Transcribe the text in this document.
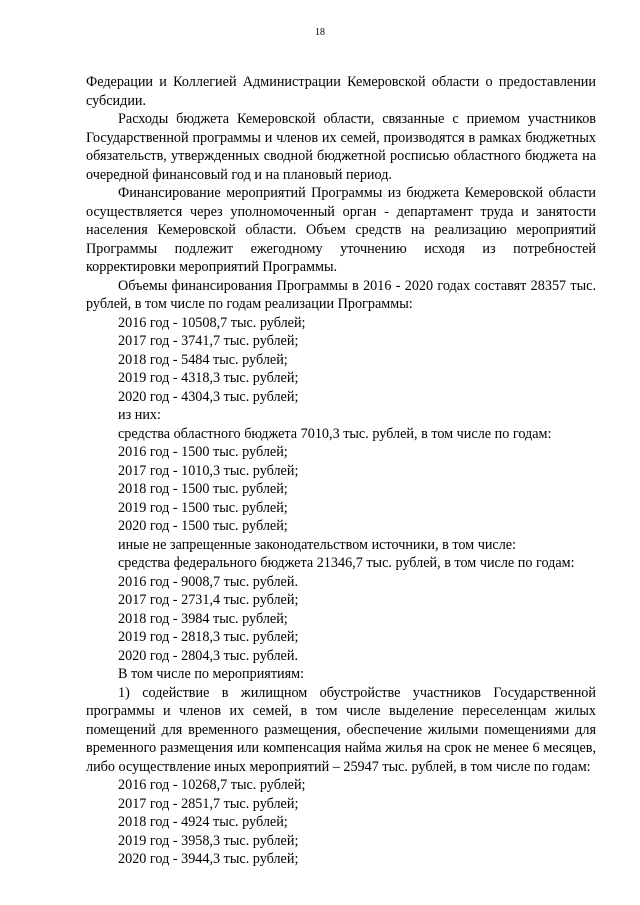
18

Федерации и Коллегией Администрации Кемеровской области о предоставлении субсидии.

Расходы бюджета Кемеровской области, связанные с приемом участников Государственной программы и членов их семей, производятся в рамках бюджетных обязательств, утвержденных сводной бюджетной росписью областного бюджета на очередной финансовый год и на плановый период.

Финансирование мероприятий Программы из бюджета Кемеровской области осуществляется через уполномоченный орган - департамент труда и занятости населения Кемеровской области. Объем средств на реализацию мероприятий Программы подлежит ежегодному уточнению исходя из потребностей корректировки мероприятий Программы.

Объемы финансирования Программы в 2016 - 2020 годах составят 28357 тыс. рублей, в том числе по годам реализации Программы:

2016 год - 10508,7 тыс. рублей;

2017 год - 3741,7 тыс. рублей;

2018 год - 5484 тыс. рублей;

2019 год - 4318,3 тыс. рублей;

2020 год - 4304,3 тыс. рублей;

из них:

средства областного бюджета 7010,3 тыс. рублей, в том числе по годам:

2016 год - 1500 тыс. рублей;

2017 год - 1010,3 тыс. рублей;

2018 год - 1500 тыс. рублей;

2019 год - 1500 тыс. рублей;

2020 год - 1500 тыс. рублей;

иные не запрещенные законодательством источники, в том числе:

средства федерального бюджета 21346,7 тыс. рублей, в том числе по годам:

2016 год - 9008,7 тыс. рублей.

2017 год - 2731,4 тыс. рублей;

2018 год - 3984 тыс. рублей;

2019 год - 2818,3 тыс. рублей;

2020 год - 2804,3 тыс. рублей.

В том числе по мероприятиям:

1) содействие в жилищном обустройстве участников Государственной программы и членов их семей, в том числе выделение переселенцам жилых помещений для временного размещения, обеспечение жилыми помещениями для временного размещения или компенсация найма жилья на срок не менее 6 месяцев, либо осуществление иных мероприятий – 25947 тыс. рублей, в том числе по годам:

2016 год - 10268,7 тыс. рублей;

2017 год - 2851,7 тыс. рублей;

2018 год - 4924 тыс. рублей;

2019 год - 3958,3 тыс. рублей;

2020 год - 3944,3 тыс. рублей;
